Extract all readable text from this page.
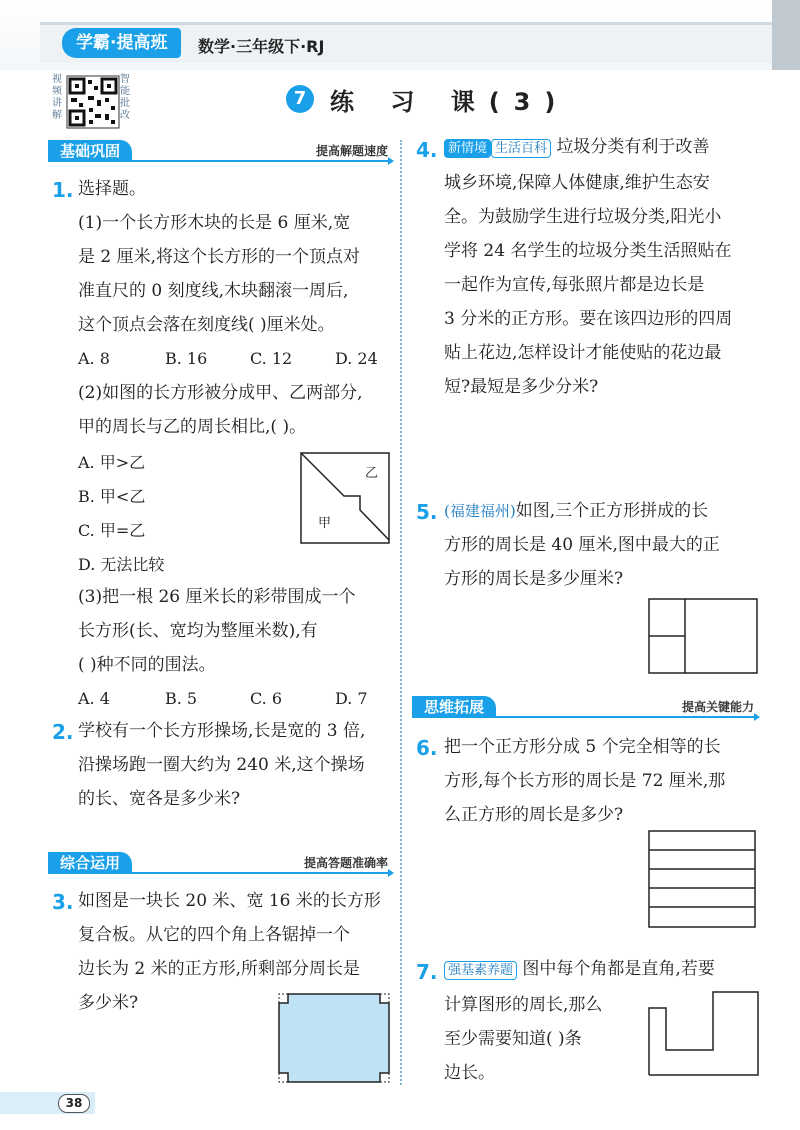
学霸·提高班	数学·三年级下·RJ
视频讲解
智能批改
7 练 习 课(3)
基础巩固	提高解题速度
1. 选择题。
(1)一个长方形木块的长是 6 厘米,宽
是 2 厘米,将这个长方形的一个顶点对
准直尺的 0 刻度线,木块翻滚一周后,
这个顶点会落在刻度线( )厘米处。
A. 8	B. 16	C. 12	D. 24
(2)如图的长方形被分成甲、乙两部分,
甲的周长与乙的周长相比,( )。
A. 甲>乙
B. 甲<乙
C. 甲=乙
D. 无法比较
乙
甲
(3)把一根 26 厘米长的彩带围成一个
长方形(长、宽均为整厘米数),有
( )种不同的围法。
A. 4	B. 5	C. 6	D. 7
2. 学校有一个长方形操场,长是宽的 3 倍,
沿操场跑一圈大约为 240 米,这个操场
的长、宽各是多少米?
综合运用	提高答题准确率
3. 如图是一块长 20 米、宽 16 米的长方形
复合板。从它的四个角上各锯掉一个
边长为 2 米的正方形,所剩部分周长是
多少米?
4. 新情境 生活百科 垃圾分类有利于改善
城乡环境,保障人体健康,维护生态安
全。为鼓励学生进行垃圾分类,阳光小
学将 24 名学生的垃圾分类生活照贴在
一起作为宣传,每张照片都是边长是
3 分米的正方形。要在该四边形的四周
贴上花边,怎样设计才能使贴的花边最
短?最短是多少分米?
5. (福建福州)如图,三个正方形拼成的长
方形的周长是 40 厘米,图中最大的正
方形的周长是多少厘米?
思维拓展	提高关键能力
6. 把一个正方形分成 5 个完全相等的长
方形,每个长方形的周长是 72 厘米,那
么正方形的周长是多少?
7. 强基素养题 图中每个角都是直角,若要
计算图形的周长,那么
至少需要知道( )条
边长。
38
